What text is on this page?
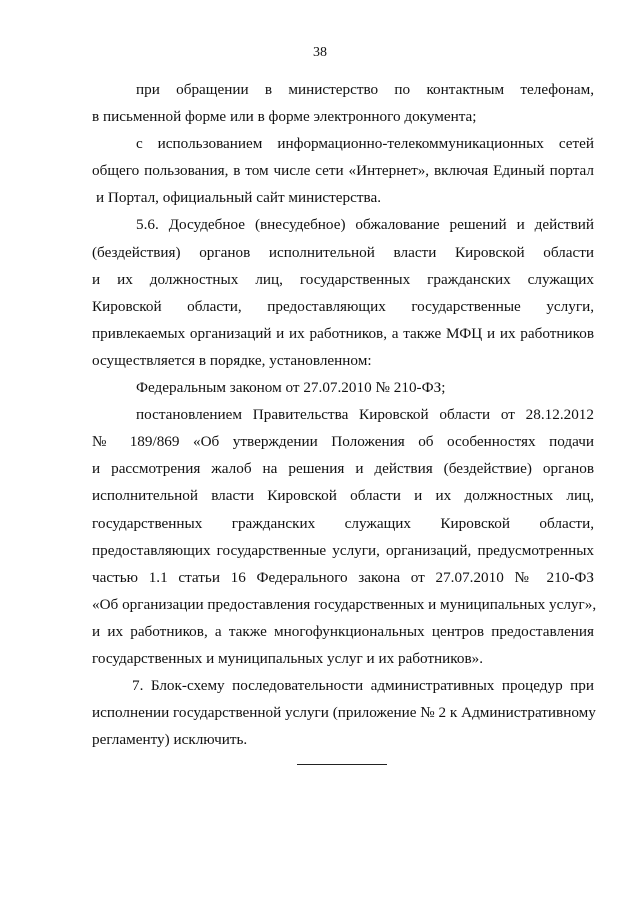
38

при обращении в министерство по контактным телефонам,

в письменной форме или в форме электронного документа;

с использованием информационно-телекоммуникационных сетей

общего пользования, в том числе сети «Интернет», включая Единый портал

и Портал, официальный сайт министерства.

5.6. Досудебное (внесудебное) обжалование решений и действий

(бездействия) органов исполнительной власти Кировской области

и их должностных лиц, государственных гражданских служащих

Кировской области, предоставляющих государственные услуги,

привлекаемых организаций и их работников, а также МФЦ и их работников

осуществляется в порядке, установленном:

Федеральным законом от 27.07.2010 № 210-ФЗ;

постановлением Правительства Кировской области от 28.12.2012

№ 189/869 «Об утверждении Положения об особенностях подачи

и рассмотрения жалоб на решения и действия (бездействие) органов

исполнительной власти Кировской области и их должностных лиц,

государственных гражданских служащих Кировской области,

предоставляющих государственные услуги, организаций, предусмотренных

частью 1.1 статьи 16 Федерального закона от 27.07.2010 № 210-ФЗ

«Об организации предоставления государственных и муниципальных услуг»,

и их работников, а также многофункциональных центров предоставления

государственных и муниципальных услуг и их работников».

7. Блок-схему последовательности административных процедур при

исполнении государственной услуги (приложение № 2 к Административному

регламенту) исключить.
